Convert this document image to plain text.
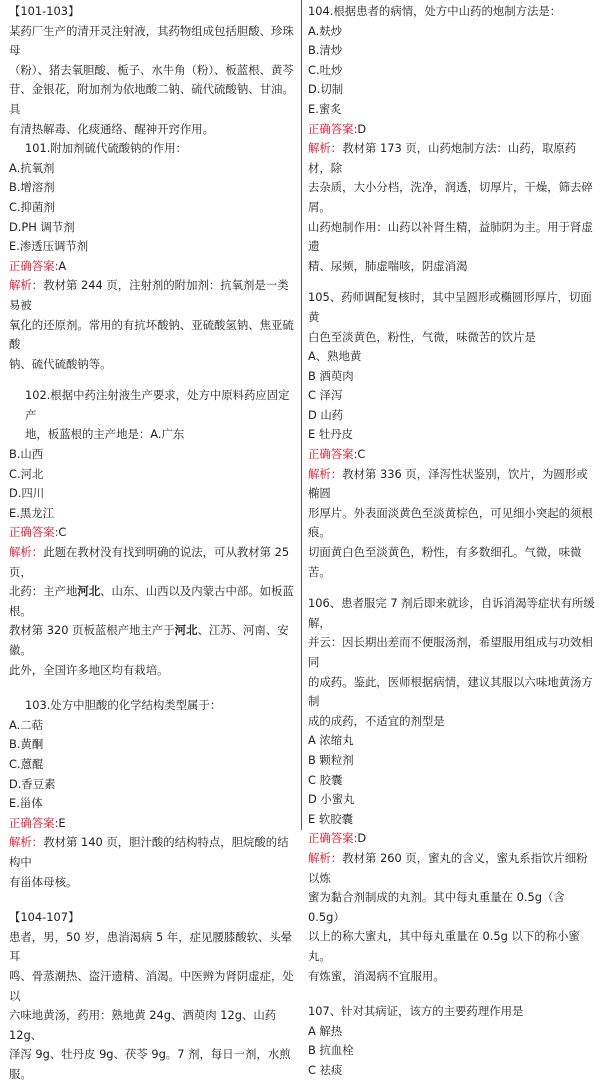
【101-103】
某药厂生产的清开灵注射液，其药物组成包括胆酸、珍珠母
（粉）、猪去氧胆酸、栀子、水牛角（粉）、板蓝根、黄芩
苷、金银花，附加剂为依地酸二钠、硫代硫酸钠、甘油。具
有清热解毒、化痰通络、醒神开窍作用。
101.附加剂硫代硫酸钠的作用：
A.抗氧剂
B.增溶剂
C.抑菌剂
D.PH 调节剂
E.渗透压调节剂
正确答案:A
解析：教材第 244 页，注射剂的附加剂：抗氧剂是一类易被
氧化的还原剂。常用的有抗坏酸钠、亚硫酸氢钠、焦亚硫酸
钠、硫代硫酸钠等。
102.根据中药注射液生产要求，处方中原料药应固定产
地，板蓝根的主产地是：A.广东
B.山西
C.河北
D.四川
E.黑龙江
正确答案:C
解析：此题在教材没有找到明确的说法，可从教材第 25 页，
北药：主产地河北、山东、山西以及内蒙古中部。如板蓝根。
教材第 320 页板蓝根产地主产于河北、江苏、河南、安徽。
此外，全国许多地区均有栽培。
103.处方中胆酸的化学结构类型属于：
A.二萜
B.黄酮
C.蒽醌
D.香豆素
E.甾体
正确答案:E
解析：教材第 140 页，胆汁酸的结构特点，胆烷酸的结构中
有甾体母核。
【104-107】
患者，男，50 岁，患消渴病 5 年，症见腰膝酸软、头晕耳
鸣、骨蒸潮热、盗汗遗精、消渴。中医辨为肾阴虚症，处以
六味地黄汤，药用：熟地黄 24g、酒萸肉 12g、山药 12g、
泽泻 9g、牡丹皮 9g、茯苓 9g。7 剂，每日一剂，水煎服。
104.根据患者的病情，处方中山药的炮制方法是：
A.麸炒
B.清炒
C.吐炒
D.切制
E.蜜炙
正确答案:D
解析：教材第 173 页，山药炮制方法：山药，取原药材，除
去杂质，大小分档，洗净，润透，切厚片，干燥，筛去碎屑。
山药炮制作用：山药以补肾生精，益肺阴为主。用于肾虚遗
精、尿频，肺虚喘咳，阴虚消渴
105、药师调配复核时，其中呈圆形或椭圆形厚片，切面黄
白色至淡黄色，粉性，气微，味微苦的饮片是
A、熟地黄
B 酒萸肉
C 泽泻
D 山药
E 牡丹皮
正确答案:C
解析：教材第 336 页，泽泻性状鉴别，饮片，为圆形或椭圆
形厚片。外表面淡黄色至淡黄棕色，可见细小突起的须根痕。
切面黄白色至淡黄色，粉性，有多数细孔。气微，味微苦。
106、患者服完 7 剂后即来就诊，自诉消渴等症状有所缓解，
并云：因长期出差而不便服汤剂，希望服用组成与功效相同
的成药。鉴此，医师根据病情，建议其服以六味地黄汤方制
成的成药，不适宜的剂型是
A 浓缩丸
B 颗粒剂
C 胶囊
D 小蜜丸
E 软胶囊
正确答案:D
解析：教材第 260 页，蜜丸的含义，蜜丸系指饮片细粉以炼
蜜为黏合剂制成的丸剂。其中每丸重量在 0.5g（含 0.5g）
以上的称大蜜丸，其中每丸重量在 0.5g 以下的称小蜜丸。
有炼蜜，消渴病不宜服用。
107、针对其病证，该方的主要药理作用是
A 解热
B 抗血栓
C 祛痰
